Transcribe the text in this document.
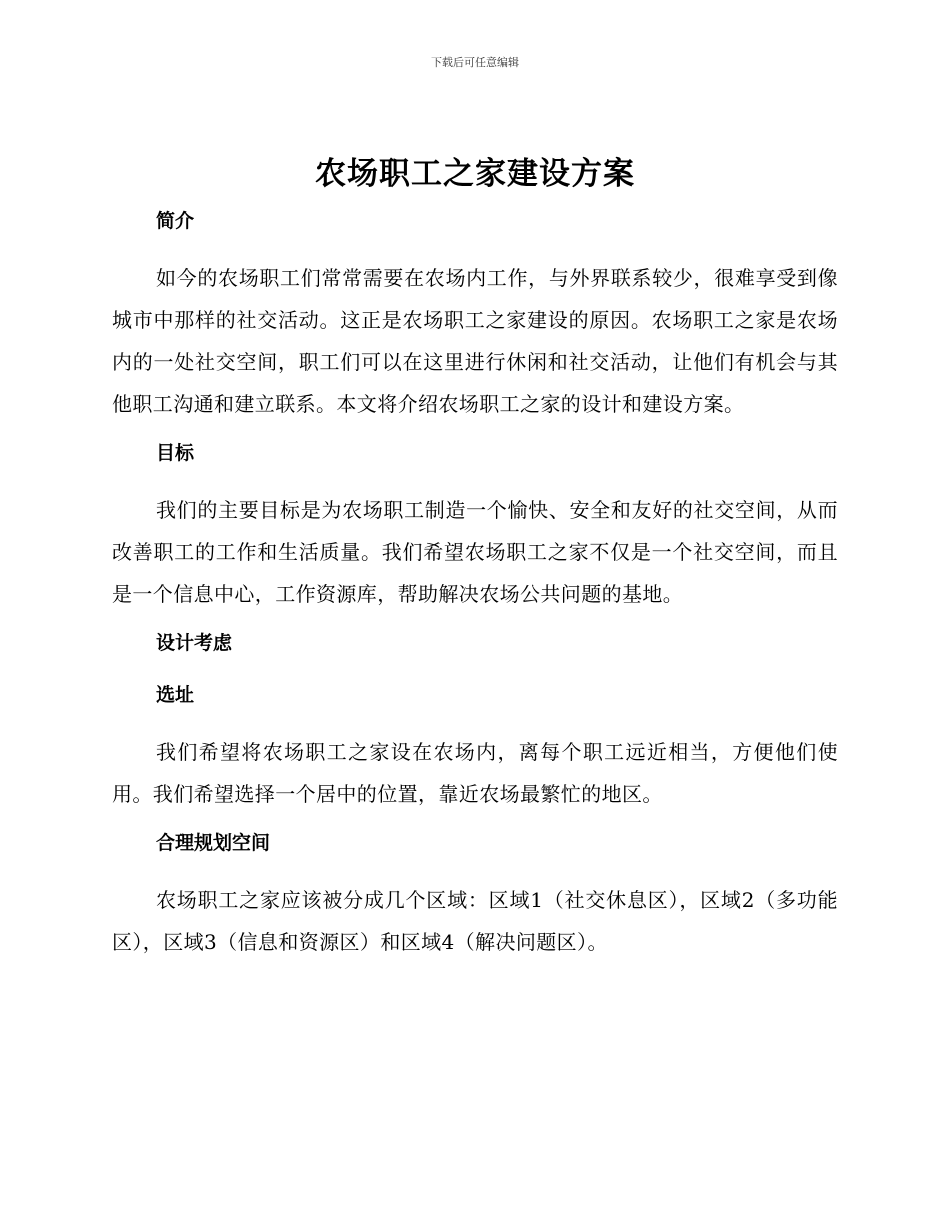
下载后可任意编辑
农场职工之家建设方案
简介

如今的农场职工们常常需要在农场内工作，与外界联系较少，很难享受到像城市中那样的社交活动。这正是农场职工之家建设的原因。农场职工之家是农场内的一处社交空间，职工们可以在这里进行休闲和社交活动，让他们有机会与其他职工沟通和建立联系。本文将介绍农场职工之家的设计和建设方案。

目标

我们的主要目标是为农场职工制造一个愉快、安全和友好的社交空间，从而改善职工的工作和生活质量。我们希望农场职工之家不仅是一个社交空间，而且是一个信息中心，工作资源库，帮助解决农场公共问题的基地。

设计考虑
选址

我们希望将农场职工之家设在农场内，离每个职工远近相当，方便他们使用。我们希望选择一个居中的位置，靠近农场最繁忙的地区。

合理规划空间

农场职工之家应该被分成几个区域：区域1（社交休息区），区域2（多功能区），区域3（信息和资源区）和区域4（解决问题区）。
